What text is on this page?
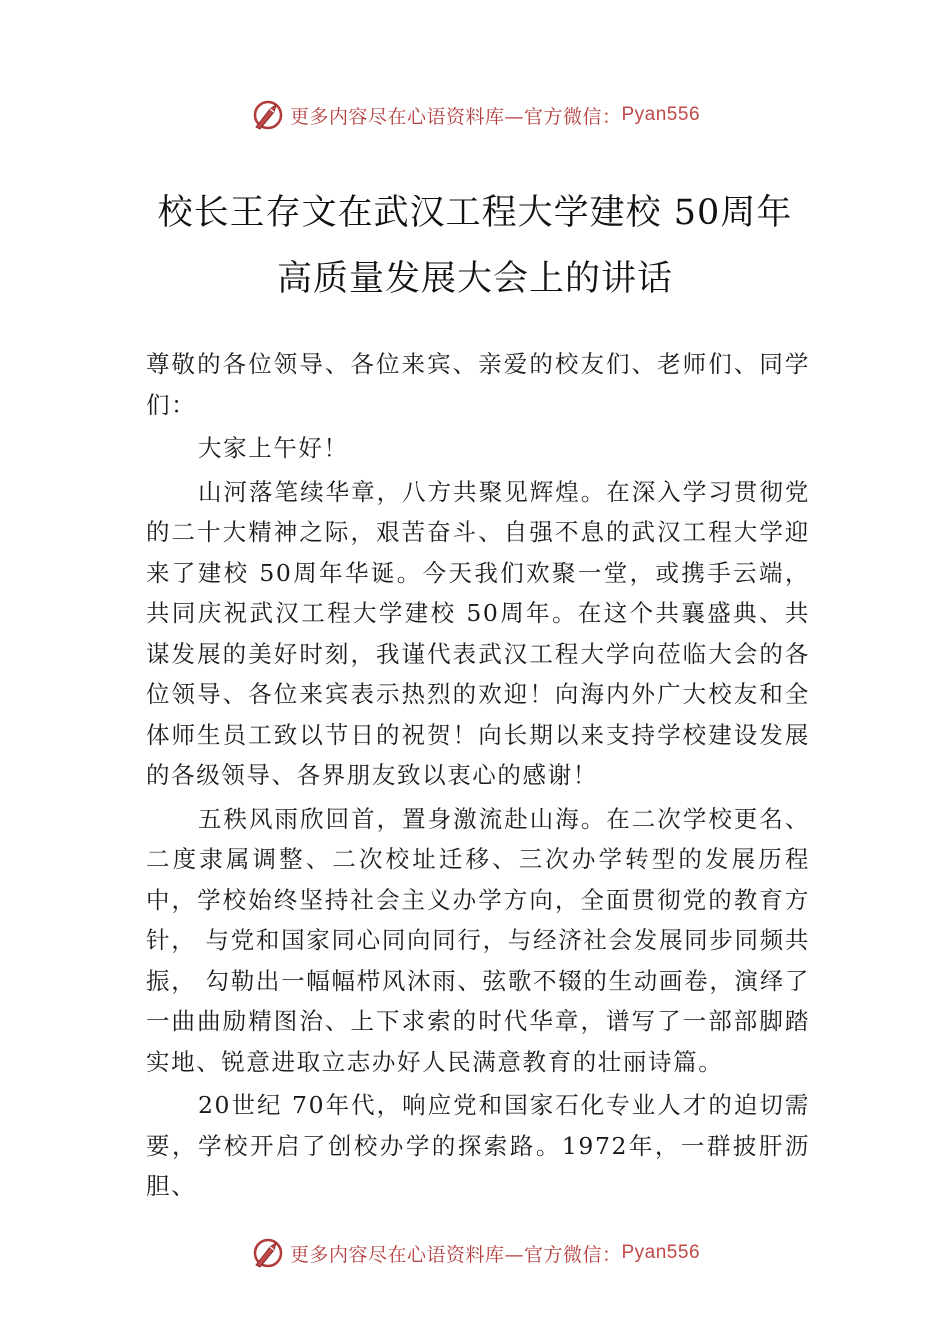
更多内容尽在心语资料库—官方微信： Pyan556
校长王存文在武汉工程大学建校 50周年高质量发展大会上的讲话

尊敬的各位领导、各位来宾、亲爱的校友们、老师们、同学们：

大家上午好！

山河落笔续华章，八方共聚见辉煌。在深入学习贯彻党的二十大精神之际，艰苦奋斗、自强不息的武汉工程大学迎来了建校 50周年华诞。今天我们欢聚一堂，或携手云端，共同庆祝武汉工程大学建校 50周年。在这个共襄盛典、共谋发展的美好时刻，我谨代表武汉工程大学向莅临大会的各位领导、各位来宾表示热烈的欢迎！向海内外广大校友和全体师生员工致以节日的祝贺！向长期以来支持学校建设发展的各级领导、各界朋友致以衷心的感谢！

五秩风雨欣回首，置身激流赴山海。在二次学校更名、二度隶属调整、二次校址迁移、三次办学转型的发展历程中，学校始终坚持社会主义办学方向，全面贯彻党的教育方针， 与党和国家同心同向同行，与经济社会发展同步同频共振， 勾勒出一幅幅栉风沐雨、弦歌不辍的生动画卷，演绎了一曲曲励精图治、上下求索的时代华章，谱写了一部部脚踏实地、锐意进取立志办好人民满意教育的壮丽诗篇。

20世纪 70年代，响应党和国家石化专业人才的迫切需要，学校开启了创校办学的探索路。1972年，一群披肝沥胆、

更多内容尽在心语资料库—官方微信： Pyan556
